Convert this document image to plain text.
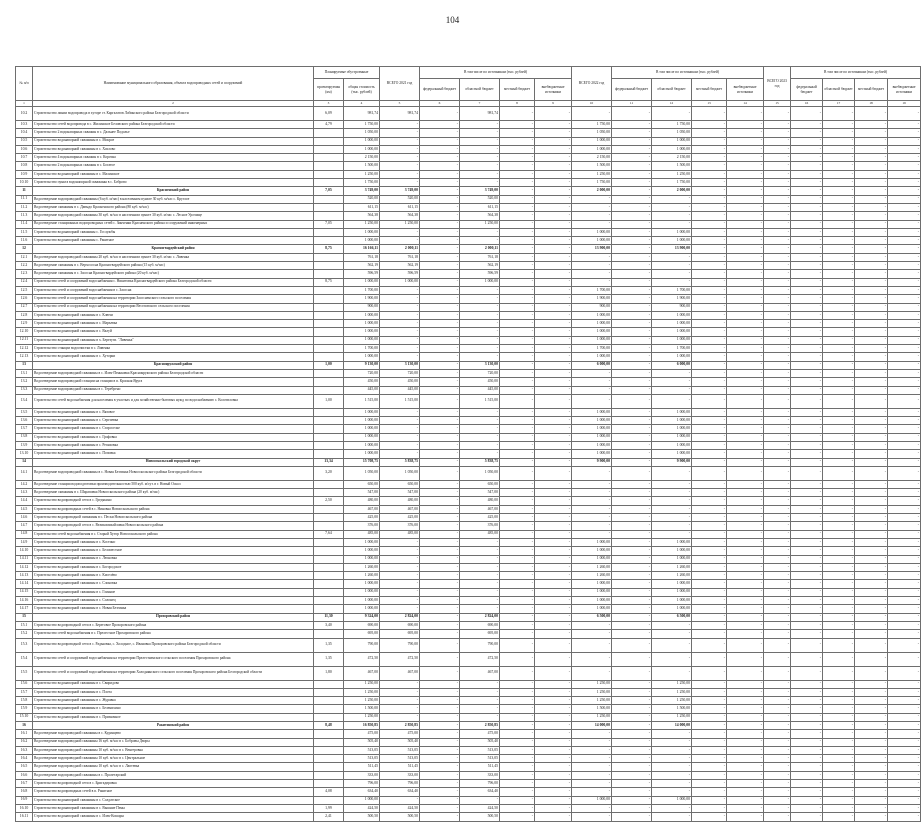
104
№ п/п	Наименование муниципального образования, объекта водопроводных сетей и сооружений	Планируемые обустроенные		ВСЕГО 2021 год	В том числе по источникам (тыс. рублей)				ВСЕГО 2022 год	В том числе по источникам (тыс. рублей)				ВСЕГО 2023 год	В том числе по источникам (тыс. рублей)			
		проектируемая (км)	общая стоимость (тыс. рублей)		федеральный бюджет	областной бюджет	местный бюджет	внебюджетные источники		федеральный бюджет	областной бюджет	местный бюджет	внебюджетные источники		федеральный бюджет	областной бюджет	местный бюджет	внебюджетные источники
1	2	3	4	5	6	7	8	9	10	11	12	13	14	15	16	17	18	19
10.2	Строительство линии водопровода в хуторе ст. Каргалатов Лабинского района Белгородской области	6,09	981,74	981,74	-	981,74	-	-	-	-	-	-	-	-	-	-	-	-
10.3	Строительство сетей водопровода в с. Жилинское Беловского района Белгородской области	4,79	1 750,00	-	-	-	-	-	1 750,00	-	1 750,00	-	-	-	-	-	-	-
10.4	Строительство 2 водонапорных скважин в с. Дальнее Подолье		1 050,00	-	-	-	-	-	1 050,00	-	1 050,00	-	-	-	-	-	-	-
10.5	Строительство водонапорной скважины в с. Мокрое		1 000,00	-	-	-	-	-	1 000,00	-	1 000,00	-	-	-	-	-	-	-
10.6	Строительство водонапорной скважины в с. Хохлово		1 000,00	-	-	-	-	-	1 000,00	-	1 000,00	-	-	-	-	-	-	-
10.7	Строительство 4 водонапорных скважин в с. Корочка		2 150,00	-	-	-	-	-	2 150,00	-	2 150,00	-	-	-	-	-	-	-
10.8	Строительство 2 водонапорных скважин в с. Богатое		1 500,00	-	-	-	-	-	1 500,00	-	1 500,00	-	-	-	-	-	-	-
10.9	Строительство водонапорной скважины в с. Малинское		1 250,00	-	-	-	-	-	1 250,00	-	1 250,00	-	-	-	-	-	-	-
10.10	Строительство пункта водонапорной скважины в с. Боброво		1 750,00	-	-	-	-	-	1 750,00	-	1 750,00	-	-	-	-	-	-	-
11	Красненский район	7,05	3 749,00	3 749,00	-	3 749,00	-	-	2 000,00	-	2 000,00	-	-	-	-	-	-	-
11.1	Водоотведение водопроводной скважины (6 куб. м/час) в населенном пункте 30 куб. м/час с. Круглое		520,00	520,00	-	520,00	-	-	-	-	-	-	-	-	-	-	-	-
11.2	Водоотведение скважины в с. Давыдо Красненского района (80 куб. м/час)		611,15	611,15	-	611,15	-	-	-	-	-	-	-	-	-	-	-	-
11.3	Водоотведение водопроводной скважины 30 куб. м/час в населенном пункте 30 куб. м/час с. Лесное Урочище		564,38	564,38	-	564,38	-	-	-	-	-	-	-	-	-	-	-	-
11.4	Водоотведение станционных водопроводных сетей с. Зинченки Красненского района и сооружений инженерных	7,05	1 250,00	1 250,00	-	1 250,00	-	-	-	-	-	-	-	-	-	-	-	-
11.5	Строительство водонапорной скважины с. Гослужбы		1 000,00	-	-	-	-	-	1 000,00	-	1 000,00	-	-	-	-	-	-	-
11.6	Строительство водонапорной скважины с. Ракитное		1 000,00	-	-	-	-	-	1 000,00	-	1 000,00	-	-	-	-	-	-	-
12	Красногвардейский район	8,75	16 166,11	2 000,11	-	2 000,11	-	-	13 900,00	-	13 900,00	-	-	-	-	-	-	-
12.1	Водоотведение водопроводной скважины 20 куб. м/час в населенном пункте 30 куб. м/час с. Ливенка		761,18	761,18	-	761,18	-	-	-	-	-	-	-	-	-	-	-	-
12.2	Водоотведение скважины в с. Верхососна Красногвардейского района (15 куб. м/час)		562,19	562,19	-	562,19	-	-	-	-	-	-	-	-	-	-	-	-
12.3	Водоотведение скважины в с. Засосна Красногвардейского района (20 куб. м/час)		596,59	596,59	-	596,59	-	-	-	-	-	-	-	-	-	-	-	-
12.4	Строительство сетей и сооружений водоснабжения с. Никитовка Красногвардейского района Белгородской области	8,75	1 000,00	1 000,00	-	1 000,00	-	-	-	-	-	-	-	-	-	-	-	-
12.5	Строительство сетей и сооружений водоснабжения в с. Засосна		1 700,00	-	-	-	-	-	1 700,00	-	1 700,00	-	-	-	-	-	-	-
12.6	Строительство сетей и сооружений водоснабжения на территории Засосненского сельского поселения		1 900,00	-	-	-	-	-	1 900,00	-	1 900,00	-	-	-	-	-	-	-
12.7	Строительство сетей и сооружений водоснабжения на территории Веселовского сельского поселения		900,00	-	-	-	-	-	900,00	-	900,00	-	-	-	-	-	-	-
12.8	Строительство водонапорной скважины в с. Ключи		1 000,00	-	-	-	-	-	1 000,00	-	1 000,00	-	-	-	-	-	-	-
12.9	Строительство водонапорной скважины в с. Марьевка		1 000,00	-	-	-	-	-	1 000,00	-	1 000,00	-	-	-	-	-	-	-
12.10	Строительство водонапорной скважины в с. Валуй		1 000,00	-	-	-	-	-	1 000,00	-	1 000,00	-	-	-	-	-	-	-
12.11	Строительство водонапорной скважины в х. Березуги. "Ливенка"		1 000,00	-	-	-	-	-	1 000,00	-	1 000,00	-	-	-	-	-	-	-
12.12	Строительство станции водоочистки в с. Ливенка		1 700,00	-	-	-	-	-	1 700,00	-	1 700,00	-	-	-	-	-	-	-
12.13	Строительство водонапорной скважины в с. Хуторки		1 000,00	-	-	-	-	-	1 000,00	-	1 000,00	-	-	-	-	-	-	-
13	Краснояружский район	1,00	9 130,00	3 130,00	-	3 130,00	-	-	6 000,00	-	6 000,00	-	-	-	-	-	-	-
13.1	Водоотведение водопроводной скважины в с. Илек-Пеньковка Краснояружского района Белгородской области		720,00	720,00	-	720,00	-	-	-	-	-	-	-	-	-	-	-	-
13.2	Водоотведение водопроводной станции на станции в п. Красная Яруга		450,00	450,00	-	450,00	-	-	-	-	-	-	-	-	-	-	-	-
13.3	Водоотведение водопроводной скважины в с. Теребрено		445,00	445,00	-	445,00	-	-	-	-	-	-	-	-	-	-	-	-
13.4	Строительство сетей водоснабжения для населения в участках и для хозяйственно-бытовых нужд по водоснабжению с. Колотиловка	1,00	1 515,00	1 515,00	-	1 515,00	-	-	-	-	-	-	-	-	-	-	-	-
13.5	Строительство водонапорной скважины в с. Вязовое		1 000,00	-	-	-	-	-	1 000,00	-	1 000,00	-	-	-	-	-	-	-
13.6	Строительство водонапорной скважины в с. Сергиевка		1 000,00	-	-	-	-	-	1 000,00	-	1 000,00	-	-	-	-	-	-	-
13.7	Строительство водонапорной скважины в с. Староселье		1 000,00	-	-	-	-	-	1 000,00	-	1 000,00	-	-	-	-	-	-	-
13.8	Строительство водонапорной скважины в с. Графовка		1 000,00	-	-	-	-	-	1 000,00	-	1 000,00	-	-	-	-	-	-	-
13.9	Строительство водонапорной скважины в с. Репяховка		1 000,00	-	-	-	-	-	1 000,00	-	1 000,00	-	-	-	-	-	-	-
13.10	Строительство водонапорной скважины в с. Поповка		1 000,00	-	-	-	-	-	1 000,00	-	1 000,00	-	-	-	-	-	-	-
14	Новооскольский городской округ	13,34	15 708,75	5 838,75	-	5 838,75	-	-	9 900,00	-	9 900,00	-	-	-	-	-	-	-
14.1	Водоотведение водопроводной скважины в с. Новая Безгинка Новооскольского района Белгородской области	3,20	1 050,00	1 050,00	-	1 050,00	-	-	-	-	-	-	-	-	-	-	-	-
14.2	Водоотведение станции водоподготовки производительностью 500 куб. м/сут. в г. Новый Оскол		650,00	650,00	-	650,00	-	-	-	-	-	-	-	-	-	-	-	-
14.3	Водоотведение скважины в с. Шараповка Новооскольского района (20 куб. м/час)		547,00	547,00	-	547,00	-	-	-	-	-	-	-	-	-	-	-	-
14.4	Строительство водопроводной сети в с. Гредякино	2,50	480,00	480,00	-	480,00	-	-	-	-	-	-	-	-	-	-	-	-
14.5	Строительство водопроводных сетей в с. Ниновка Новооскольского района		467,00	467,00	-	467,00	-	-	-	-	-	-	-	-	-	-	-	-
14.6	Строительство водопроводной скважины в с. Пески Новооскольского района		425,00	425,00	-	425,00	-	-	-	-	-	-	-	-	-	-	-	-
14.7	Строительство водопроводной сети в с. Великомихайловка Новооскольского района		376,00	376,00	-	376,00	-	-	-	-	-	-	-	-	-	-	-	-
14.8	Строительство сетей водоснабжения в с. Старый Хутор Новооскольского района	7,64	485,00	485,00	-	485,00	-	-	-	-	-	-	-	-	-	-	-	-
14.9	Строительство водонапорной скважины в с. Костино		1 000,00	-	-	-	-	-	1 000,00	-	1 000,00	-	-	-	-	-	-	-
14.10	Строительство водонапорной скважины в с. Беломестное		1 000,00	-	-	-	-	-	1 000,00	-	1 000,00	-	-	-	-	-	-	-
14.11	Строительство водонапорной скважины в с. Леоновка		1 000,00	-	-	-	-	-	1 000,00	-	1 000,00	-	-	-	-	-	-	-
14.12	Строительство водонапорной скважины в с. Богородское		1 260,00	-	-	-	-	-	1 260,00	-	1 260,00	-	-	-	-	-	-	-
14.13	Строительство водонапорной скважины в с. Киселёво		1 260,00	-	-	-	-	-	1 260,00	-	1 260,00	-	-	-	-	-	-	-
14.14	Строительство водонапорной скважины в с. Слоновка		1 000,00	-	-	-	-	-	1 000,00	-	1 000,00	-	-	-	-	-	-	-
14.15	Строительство водонапорной скважины в с. Глинное		1 000,00	-	-	-	-	-	1 000,00	-	1 000,00	-	-	-	-	-	-	-
14.16	Строительство водонапорной скважины в с. Солонец		1 000,00	-	-	-	-	-	1 000,00	-	1 000,00	-	-	-	-	-	-	-
14.17	Строительство водонапорной скважины в с. Новая Безгинка		1 000,00	-	-	-	-	-	1 000,00	-	1 000,00	-	-	-	-	-	-	-
15	Прохоровский район	11,30	9 324,00	2 824,00	-	2 824,00	-	-	6 500,00	-	6 500,00	-	-	-	-	-	-	-
15.1	Строительство водопроводной сети в с. Береговое Прохоровского района	3,40	690,00	690,00	-	690,00	-	-	-	-	-	-	-	-	-	-	-	-
15.2	Строительство сетей водоснабжения в с. Прелестное Прохоровского района		695,00	695,00	-	695,00	-	-	-	-	-	-	-	-	-	-	-	-
15.3	Строительство водопроводной сети в с. Радьковка, с. Холодное, с. Ивановка Прохоровского района Белгородской области	1,35	790,00	790,00	-	790,00	-	-	-	-	-	-	-	-	-	-	-	-
15.4	Строительство сетей и сооружений водоснабжения на территории Прелестненского сельского поселения Прохоровского района	1,35	472,50	472,50	-	472,50	-	-	-	-	-	-	-	-	-	-	-	-
15.5	Строительство сетей и сооружений водоснабжения на территории Холоднянского сельского поселения Прохоровского района Белгородской области	1,80	467,00	467,00	-	467,00	-	-	-	-	-	-	-	-	-	-	-	-
15.6	Строительство водонапорной скважины в с. Свиридово		1 250,00	-	-	-	-	-	1 250,00	-	1 250,00	-	-	-	-	-	-	-
15.7	Строительство водонапорной скважины в с. Плота		1 250,00	-	-	-	-	-	1 250,00	-	1 250,00	-	-	-	-	-	-	-
15.8	Строительство водонапорной скважины в с. Журавка		1 250,00	-	-	-	-	-	1 250,00	-	1 250,00	-	-	-	-	-	-	-
15.9	Строительство водонапорной скважины в с. Беленихино		1 500,00	-	-	-	-	-	1 500,00	-	1 500,00	-	-	-	-	-	-	-
15.10	Строительство водонапорной скважины в с. Призначное		1 250,00	-	-	-	-	-	1 250,00	-	1 250,00	-	-	-	-	-	-	-
16	Ракитянский район	8,48	16 850,85	2 850,85	-	2 850,85	-	-	14 000,00	-	14 000,00	-	-	-	-	-	-	-
16.1	Водоотведение водопроводной скважины в с. Кудинцево		475,00	475,00	-	475,00	-	-	-	-	-	-	-	-	-	-	-	-
16.2	Водоотведение водопроводной скважины 16 куб. м/час в с. Бобровы Дворы		505,40	505,40	-	505,40	-	-	-	-	-	-	-	-	-	-	-	-
16.3	Водоотведение водопроводной скважины 10 куб. м/час в с. Венгеровка		513,05	513,05	-	513,05	-	-	-	-	-	-	-	-	-	-	-	-
16.4	Водоотведение водопроводной скважины 10 куб. м/час в с. Центральное		513,05	513,05	-	513,05	-	-	-	-	-	-	-	-	-	-	-	-
16.5	Водоотведение водопроводной скважины 10 куб. м/час в с. Лаптевка		511,45	511,45	-	511,45	-	-	-	-	-	-	-	-	-	-	-	-
16.6	Водоотведение водопроводной скважины в с. Пролетарский		333,00	333,00	-	333,00	-	-	-	-	-	-	-	-	-	-	-	-
16.7	Строительство водопроводной сети в с. Бригадировка		796,00	796,00	-	796,00	-	-	-	-	-	-	-	-	-	-	-	-
16.8	Строительство водопроводных сетей в п. Ракитное	4,08	634,40	634,40	-	634,40	-	-	-	-	-	-	-	-	-	-	-	-
16.9	Строительство водонапорной скважины в с. Солдатское		1 000,00	-	-	-	-	-	1 000,00	-	1 000,00	-	-	-	-	-	-	-
16.10	Строительство водонапорной скважины в с. Вышние Пены	1,99	424,50	424,50	-	424,50	-	-	-	-	-	-	-	-	-	-	-	-
16.11	Строительство водонапорной скважины в с. Илек-Кошары	2,41	500,50	500,50	-	500,50	-	-	-	-	-	-	-	-	-	-	-	-
